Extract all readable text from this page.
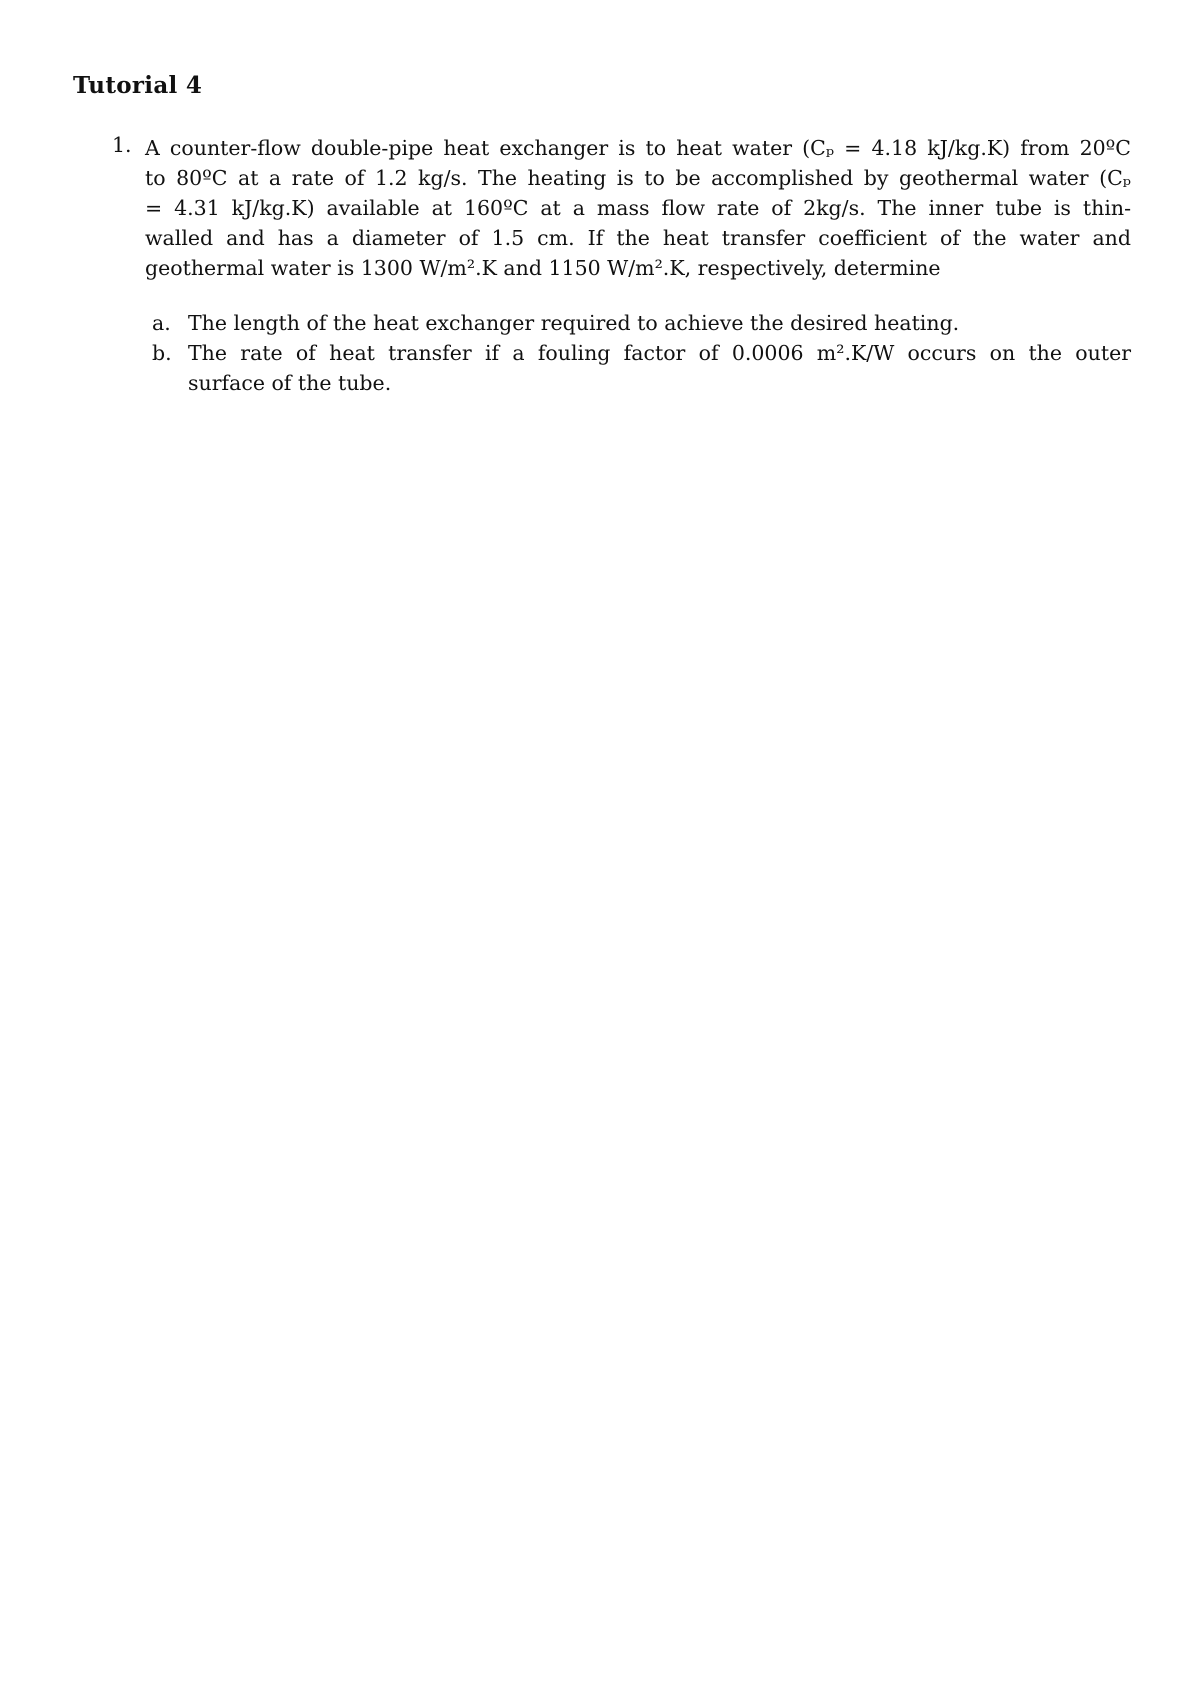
Tutorial 4
1. A counter-flow double-pipe heat exchanger is to heat water (Cₚ = 4.18 kJ/kg.K) from 20ºC
to 80ºC at a rate of 1.2 kg/s. The heating is to be accomplished by geothermal water (Cₚ
= 4.31 kJ/kg.K) available at 160ºC at a mass flow rate of 2kg/s. The inner tube is thin-
walled and has a diameter of 1.5 cm. If the heat transfer coefficient of the water and
geothermal water is 1300 W/m².K and 1150 W/m².K, respectively, determine
a. The length of the heat exchanger required to achieve the desired heating.
b. The rate of heat transfer if a fouling factor of 0.0006 m².K/W occurs on the outer
surface of the tube.
